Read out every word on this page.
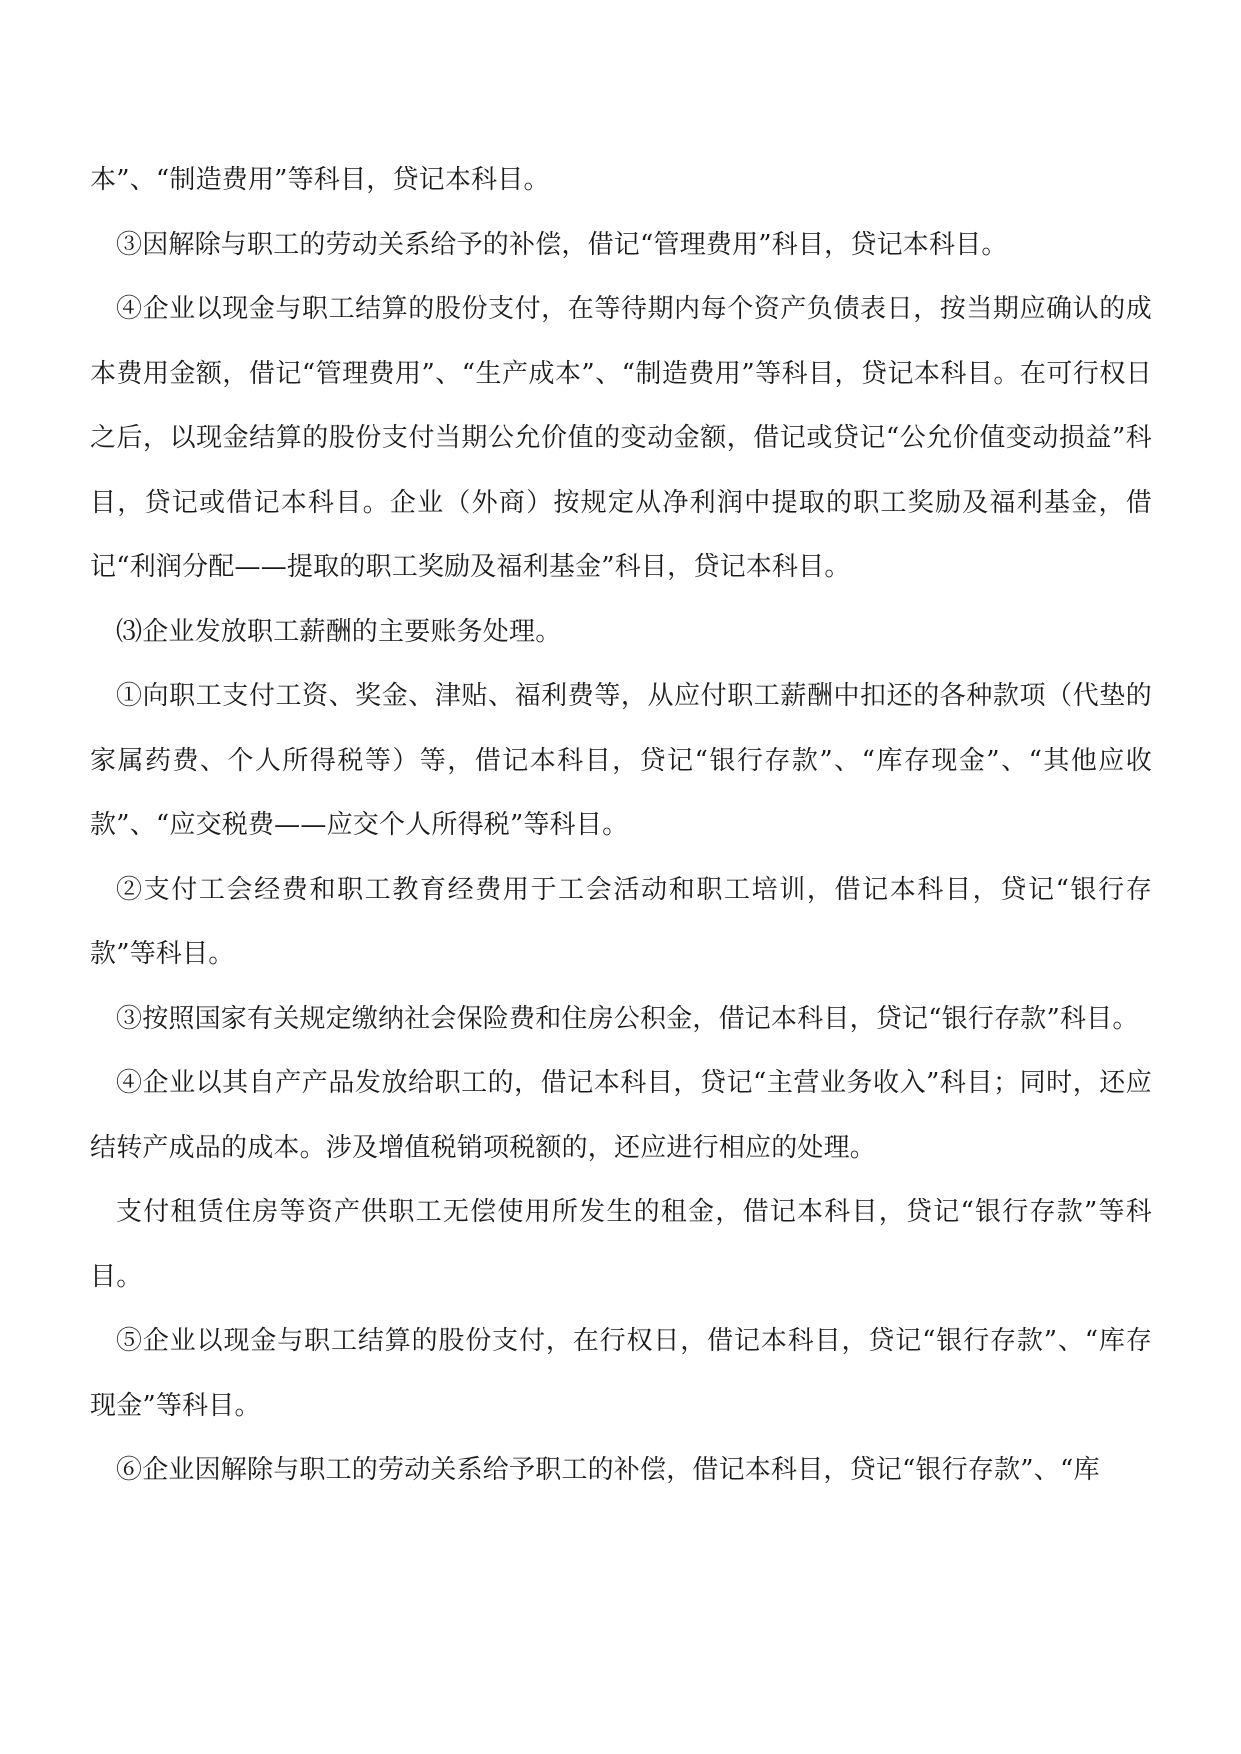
本”、“制造费用”等科目，贷记本科目。

③因解除与职工的劳动关系给予的补偿，借记“管理费用”科目，贷记本科目。

④企业以现金与职工结算的股份支付，在等待期内每个资产负债表日，按当期应确认的成本费用金额，借记“管理费用”、“生产成本”、“制造费用”等科目，贷记本科目。在可行权日之后，以现金结算的股份支付当期公允价值的变动金额，借记或贷记“公允价值变动损益”科目，贷记或借记本科目。企业（外商）按规定从净利润中提取的职工奖励及福利基金，借记“利润分配——提取的职工奖励及福利基金”科目，贷记本科目。

⑶企业发放职工薪酬的主要账务处理。

①向职工支付工资、奖金、津贴、福利费等，从应付职工薪酬中扣还的各种款项（代垫的家属药费、个人所得税等）等，借记本科目，贷记“银行存款”、“库存现金”、“其他应收款”、“应交税费——应交个人所得税”等科目。

②支付工会经费和职工教育经费用于工会活动和职工培训，借记本科目，贷记“银行存款”等科目。

③按照国家有关规定缴纳社会保险费和住房公积金，借记本科目，贷记“银行存款”科目。

④企业以其自产产品发放给职工的，借记本科目，贷记“主营业务收入”科目；同时，还应结转产成品的成本。涉及增值税销项税额的，还应进行相应的处理。

支付租赁住房等资产供职工无偿使用所发生的租金，借记本科目，贷记“银行存款”等科目。

⑤企业以现金与职工结算的股份支付，在行权日，借记本科目，贷记“银行存款”、“库存现金”等科目。

⑥企业因解除与职工的劳动关系给予职工的补偿，借记本科目，贷记“银行存款”、“库
